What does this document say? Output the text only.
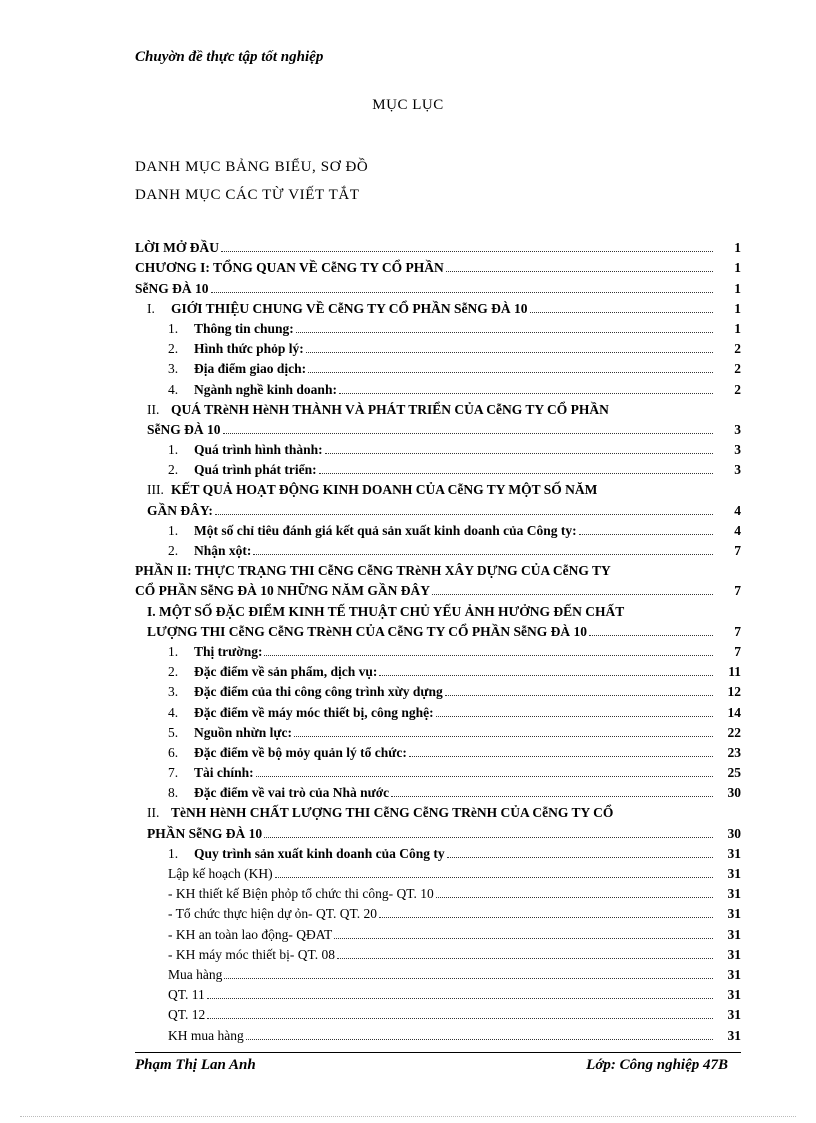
Chuyờn đề thực tập tốt nghiệp
MỤC LỤC
DANH MỤC BẢNG BIỂU, SƠ ĐỒ
DANH MỤC CÁC TỪ VIẾT TẮT
LỜI MỞ ĐẦU	1
CHƯƠNG I: TỔNG QUAN VỀ CễNG TY CỔ PHẦN	1
SễNG ĐÀ 10	1
I. GIỚI THIỆU CHUNG VỀ CễNG TY CỔ PHẦN SễNG ĐÀ 10	1
1. Thông tin chung:	1
2. Hình thức phỏp lý:	2
3. Địa điểm giao dịch:	2
4. Ngành nghề kinh doanh:	2
II. QUÁ TRèNH HèNH THÀNH VÀ PHÁT TRIỂN CỦA CễNG TY CỔ PHẦN
SễNG ĐÀ 10	3
1. Quá trình hình thành:	3
2. Quá trình phát triển:	3
III. KẾT QUẢ HOẠT ĐỘNG KINH DOANH CỦA CễNG TY MỘT SỐ NĂM
GẦN ĐÂY:	4
1. Một số chỉ tiêu đánh giá kết quả sản xuất kinh doanh của Công ty:	4
2. Nhận xột:	7
PHẦN II: THỰC TRẠNG THI CễNG CễNG TRèNH XÂY DỰNG CỦA CễNG TY
CỔ PHẦN SễNG ĐÀ 10 NHỮNG NĂM GẦN ĐÂY	7
I. MỘT SỐ ĐẶC ĐIỂM KINH TẾ THUẬT CHỦ YẾU ẢNH HƯỞNG ĐẾN CHẤT
LƯỢNG THI CễNG CễNG TRèNH CỦA CễNG TY CỔ PHẦN SễNG ĐÀ 10	7
1. Thị trường:	7
2. Đặc điểm về sản phẩm, dịch vụ:	11
3. Đặc điểm của thi công công trình xừy dựng	12
4. Đặc điểm về máy móc thiết bị, công nghệ:	14
5. Nguồn nhừn lực:	22
6. Đặc điểm về bộ mỏy quản lý tổ chức:	23
7. Tài chính:	25
8. Đặc điểm về vai trò của Nhà nước	30
II. TèNH HèNH CHẤT LƯỢNG THI CễNG CễNG TRèNH CỦA CễNG TY CỔ
PHẦN SễNG ĐÀ 10	30
1. Quy trình sản xuất kinh doanh của Công ty	31
Lập kế hoạch (KH)	31
- KH thiết kế Biện phỏp tổ chức thi công- QT. 10	31
- Tổ chức thực hiện dự ỏn- QT. QT. 20	31
- KH an toàn lao động- QĐAT	31
- KH máy móc thiết bị- QT. 08	31
Mua hàng	31
QT. 11	31
QT. 12	31
KH mua hàng	31
Phạm Thị Lan Anh	Lớp: Công nghiệp 47B
